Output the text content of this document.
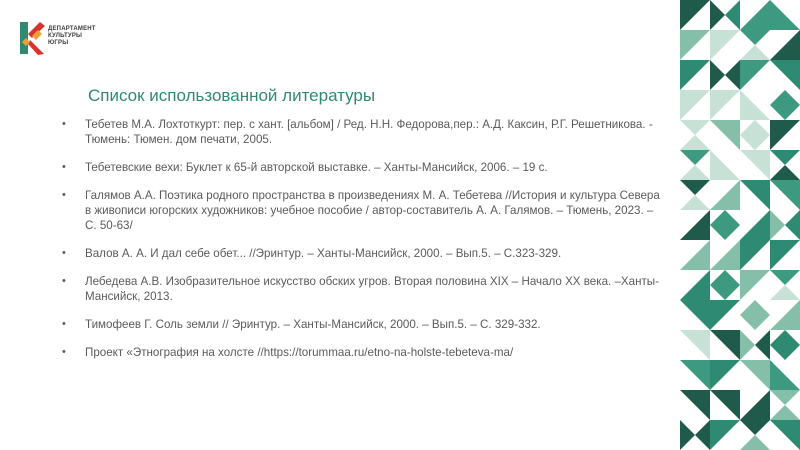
ДЕПАРТАМЕНТ
КУЛЬТУРЫ
ЮГРЫ
Список использованной литературы
• Тебетев М.А. Лохтоткурт: пер. с хант. [альбом] / Ред. Н.Н. Федорова,пер.: А.Д. Каксин, Р.Г. Решетникова. - Тюмень: Тюмен. дом печати, 2005.
• Тебетевские вехи: Буклет к 65-й авторской выставке. – Ханты-Мансийск, 2006. – 19 с.
• Галямов А.А. Поэтика родного пространства в произведениях М. А. Тебетева //История и культура Севера в живописи югорских художников: учебное пособие / автор-составитель А. А. Галямов. – Тюмень, 2023. – С. 50-63/
• Валов А. А. И дал себе обет... //Эринтур. – Ханты-Мансийск, 2000. – Вып.5. – С.323-329.
• Лебедева А.В. Изобразительное искусство обских угров. Вторая половина XIX – Начало XX века. –Ханты-Мансийск, 2013.
• Тимофеев Г. Соль земли // Эринтур. – Ханты-Мансийск, 2000. – Вып.5. – С. 329-332.
• Проект «Этнография на холсте //https://torummaa.ru/etno-na-holste-tebeteva-ma/
